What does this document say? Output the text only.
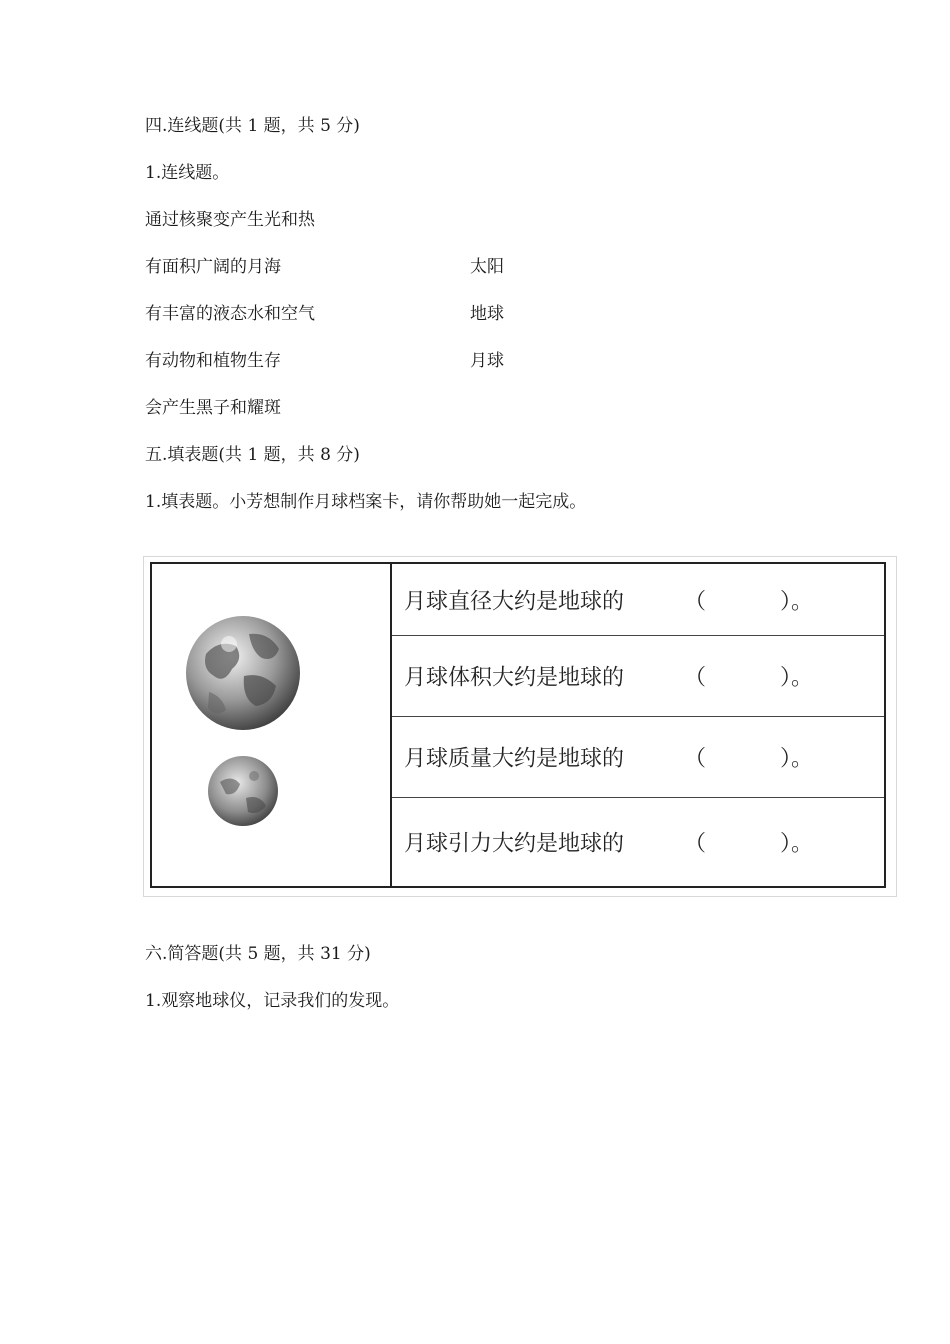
四.连线题(共 1 题，共 5 分)
1.连线题。
通过核聚变产生光和热
有面积广阔的月海
有丰富的液态水和空气
有动物和植物生存
会产生黑子和耀斑
太阳
地球
月球
五.填表题(共 1 题，共 8 分)
1.填表题。小芳想制作月球档案卡，请你帮助她一起完成。
月球直径大约是地球的	（	）。
月球体积大约是地球的	（	）。
月球质量大约是地球的	（	）。
月球引力大约是地球的	（	）。
六.简答题(共 5 题，共 31 分)
1.观察地球仪，记录我们的发现。
